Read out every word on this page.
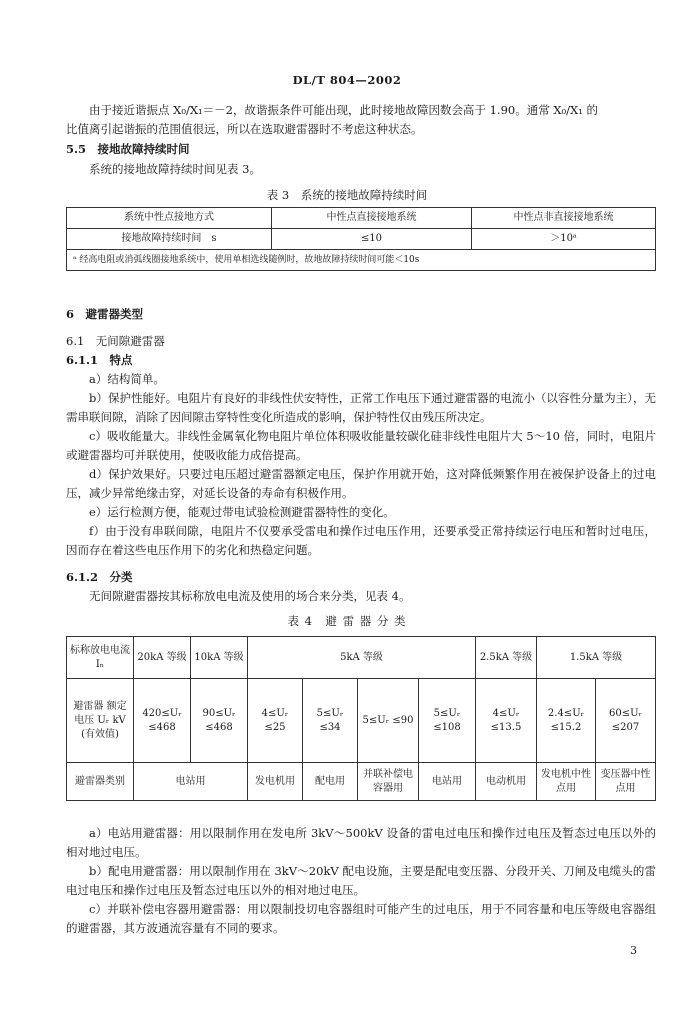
DL/T 804—2002
由于接近谐振点 X₀/X₁＝－2，故谐振条件可能出现，此时接地故障因数会高于 1.90。通常 X₀/X₁ 的
比值离引起谐振的范围值很远，所以在选取避雷器时不考虑这种状态。
5.5　接地故障持续时间
系统的接地故障持续时间见表 3。
表 3　系统的接地故障持续时间
系统中性点接地方式	中性点直接接地系统	中性点非直接接地系统
接地故障持续时间　s	≤10	＞10ᵃ
ᵃ 经高电阻或消弧线圈接地系统中，使用单相选线随例时，故地故障持续时间可能＜10s		
6　避雷器类型
6.1　无间隙避雷器
6.1.1　特点
a）结构简单。
b）保护性能好。电阻片有良好的非线性伏安特性，正常工作电压下通过避雷器的电流小（以容性分量为主），无需串联间隙，消除了因间隙击穿特性变化所造成的影响，保护特性仅由残压所决定。
c）吸收能量大。非线性金属氧化物电阻片单位体积吸收能量较碳化硅非线性电阻片大 5～10 倍，同时，电阻片或避雷器均可并联使用，使吸收能力成倍提高。
d）保护效果好。只要过电压超过避雷器额定电压，保护作用就开始，这对降低频繁作用在被保护设备上的过电压，减少异常绝缘击穿，对延长设备的寿命有积极作用。
e）运行检测方便，能观过带电试验检测避雷器特性的变化。
f）由于没有串联间隙，电阻片不仅要承受雷电和操作过电压作用，还要承受正常持续运行电压和暂时过电压，因而存在着这些电压作用下的劣化和热稳定问题。
6.1.2　分类
无间隙避雷器按其标称放电电流及使用的场合来分类，见表 4。
表 4　避 雷 器 分 类
标称放电电流 Iₙ	20kA 等级	10kA 等级	5kA 等级				2.5kA 等级	1.5kA 等级	
避雷器 额定电压 Uᵣ kV (有效值)	420≤Uᵣ ≤468	90≤Uᵣ ≤468	4≤Uᵣ ≤25	5≤Uᵣ ≤34	5≤Uᵣ ≤90	5≤Uᵣ ≤108	4≤Uᵣ ≤13.5	2.4≤Uᵣ ≤15.2	60≤Uᵣ ≤207
避雷器类别	电站用		发电机用	配电用	并联补偿电容器用	电站用	电动机用	发电机中性点用	变压器中性点用
a）电站用避雷器：用以限制作用在发电所 3kV～500kV 设备的雷电过电压和操作过电压及暂态过电压以外的相对地过电压。
b）配电用避雷器：用以限制作用在 3kV～20kV 配电设施，主要是配电变压器、分段开关、刀闸及电缆头的雷电过电压和操作过电压及暂态过电压以外的相对地过电压。
c）并联补偿电容器用避雷器：用以限制投切电容器组时可能产生的过电压，用于不同容量和电压等级电容器组的避雷器，其方波通流容量有不同的要求。
3
